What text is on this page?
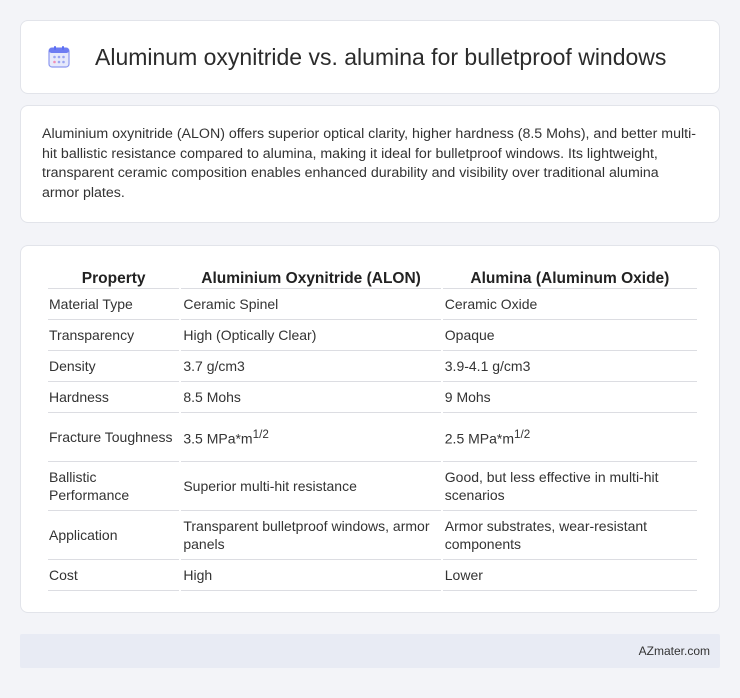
Aluminum oxynitride vs. alumina for bulletproof windows

Aluminium oxynitride (ALON) offers superior optical clarity, higher hardness (8.5 Mohs), and better multi-hit ballistic resistance compared to alumina, making it ideal for bulletproof windows. Its lightweight, transparent ceramic composition enables enhanced durability and visibility over traditional alumina armor plates.

Property	Aluminium Oxynitride (ALON)	Alumina (Aluminum Oxide)
Material Type	Ceramic Spinel	Ceramic Oxide
Transparency	High (Optically Clear)	Opaque
Density	3.7 g/cm3	3.9-4.1 g/cm3
Hardness	8.5 Mohs	9 Mohs
Fracture Toughness	3.5 $MPa*m^{1/2}$	2.5 $MPa*m^{1/2}$
Ballistic Performance	Superior multi-hit resistance	Good, but less effective in multi-hit scenarios
Application	Transparent bulletproof windows, armor panels	Armor substrates, wear-resistant components
Cost	High	Lower
AZmater.com
